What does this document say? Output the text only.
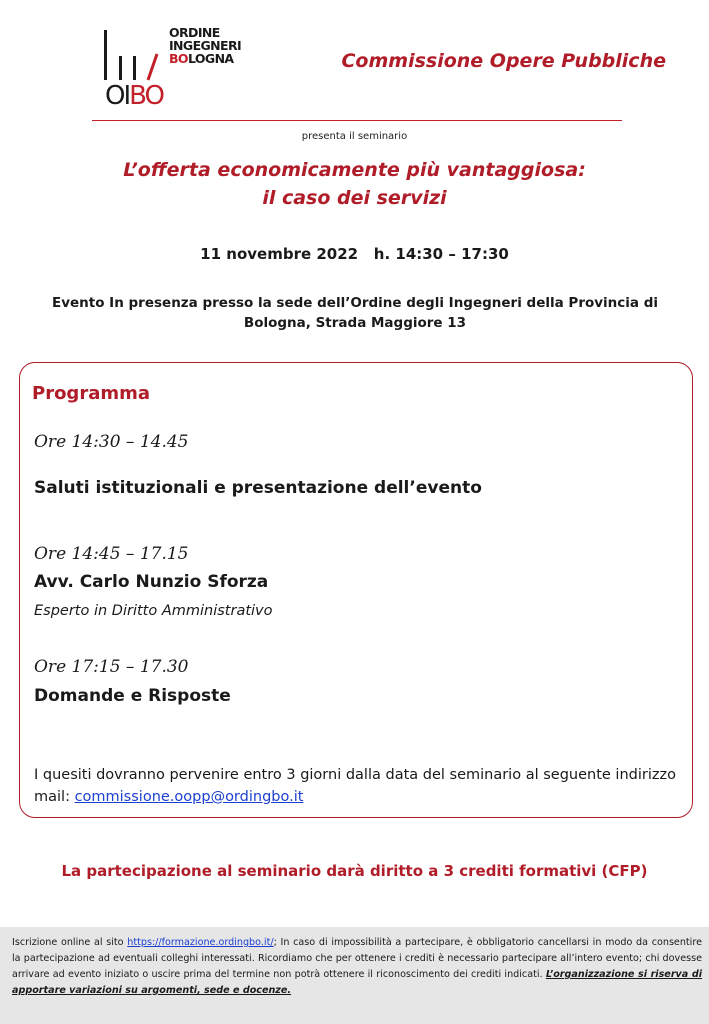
ORDINE
INGEGNERI
BOLOGNA
OIBO
Commissione Opere Pubbliche
presenta il seminario
L’offerta economicamente più vantaggiosa:
il caso dei servizi
11 novembre 2022   h. 14:30 – 17:30
Evento In presenza presso la sede dell’Ordine degli Ingegneri della Provincia di
Bologna, Strada Maggiore 13
Programma
Ore 14:30 – 14.45
Saluti istituzionali e presentazione dell’evento
Ore 14:45 – 17.15
Avv. Carlo Nunzio Sforza
Esperto in Diritto Amministrativo
Ore 17:15 – 17.30
Domande e Risposte
I quesiti dovranno pervenire entro 3 giorni dalla data del seminario al seguente indirizzo mail: commissione.oopp@ordingbo.it
La partecipazione al seminario darà diritto a 3 crediti formativi (CFP)
Iscrizione online al sito https://formazione.ordingbo.it/; In caso di impossibilità a partecipare, è obbligatorio cancellarsi in modo da consentire la partecipazione ad eventuali colleghi interessati. Ricordiamo che per ottenere i crediti è necessario partecipare all’intero evento; chi dovesse arrivare ad evento iniziato o uscire prima del termine non potrà ottenere il riconoscimento dei crediti indicati. L’organizzazione si riserva di apportare variazioni su argomenti, sede e docenze.
